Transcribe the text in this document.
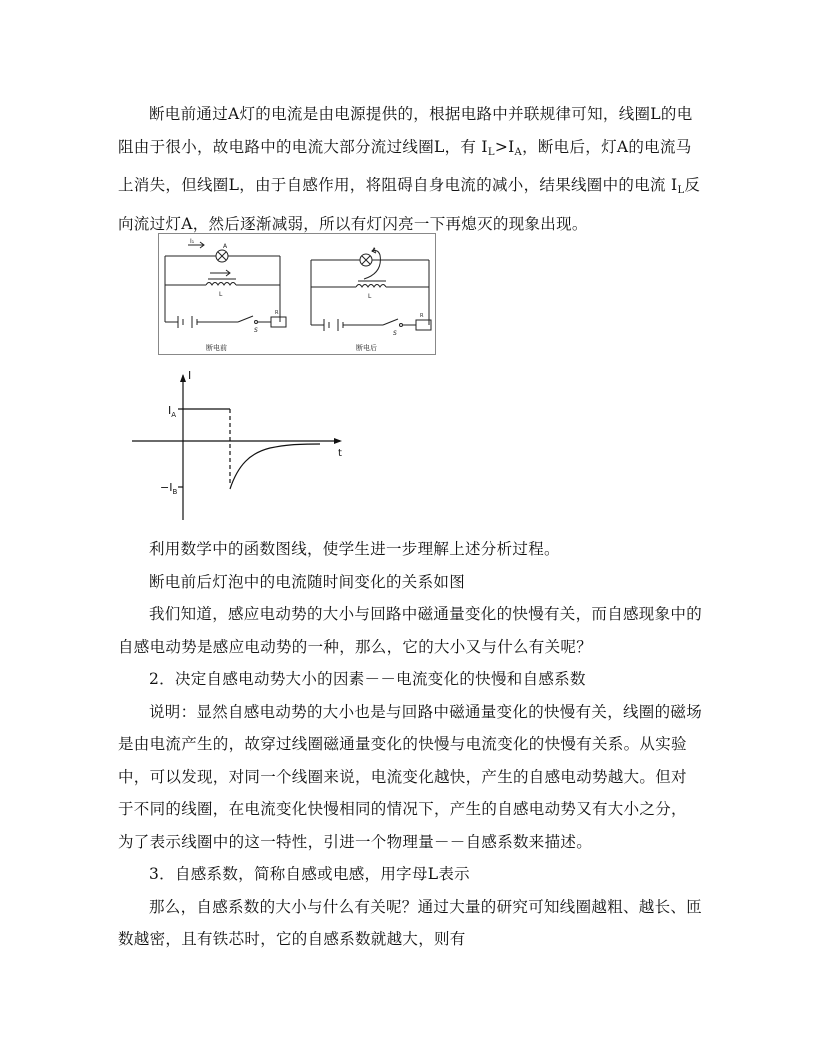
断电前通过A灯的电流是由电源提供的，根据电路中并联规律可知，线圈L的电阻由于很小，故电路中的电流大部分流过线圈L，有 $I_L>I_A$，断电后，灯A的电流马上消失，但线圈L，由于自感作用，将阻碍自身电流的减小，结果线圈中的电流 $I_L$反向流过灯A，然后逐渐减弱，所以有灯闪亮一下再熄灭的现象出现。

A
L
S
R
I₁
断电前
A
L
S
R
断电后
I
t
$I_A$
$-I_B$

利用数学中的函数图线，使学生进一步理解上述分析过程。

断电前后灯泡中的电流随时间变化的关系如图

我们知道，感应电动势的大小与回路中磁通量变化的快慢有关，而自感现象中的自感电动势是感应电动势的一种，那么，它的大小又与什么有关呢？

2．决定自感电动势大小的因素－－电流变化的快慢和自感系数

说明：显然自感电动势的大小也是与回路中磁通量变化的快慢有关，线圈的磁场是由电流产生的，故穿过线圈磁通量变化的快慢与电流变化的快慢有关系。从实验中，可以发现，对同一个线圈来说，电流变化越快，产生的自感电动势越大。但对于不同的线圈，在电流变化快慢相同的情况下，产生的自感电动势又有大小之分，为了表示线圈中的这一特性，引进一个物理量－－自感系数来描述。

3．自感系数，简称自感或电感，用字母L表示

那么，自感系数的大小与什么有关呢？通过大量的研究可知线圈越粗、越长、匝数越密，且有铁芯时，它的自感系数就越大，则有
